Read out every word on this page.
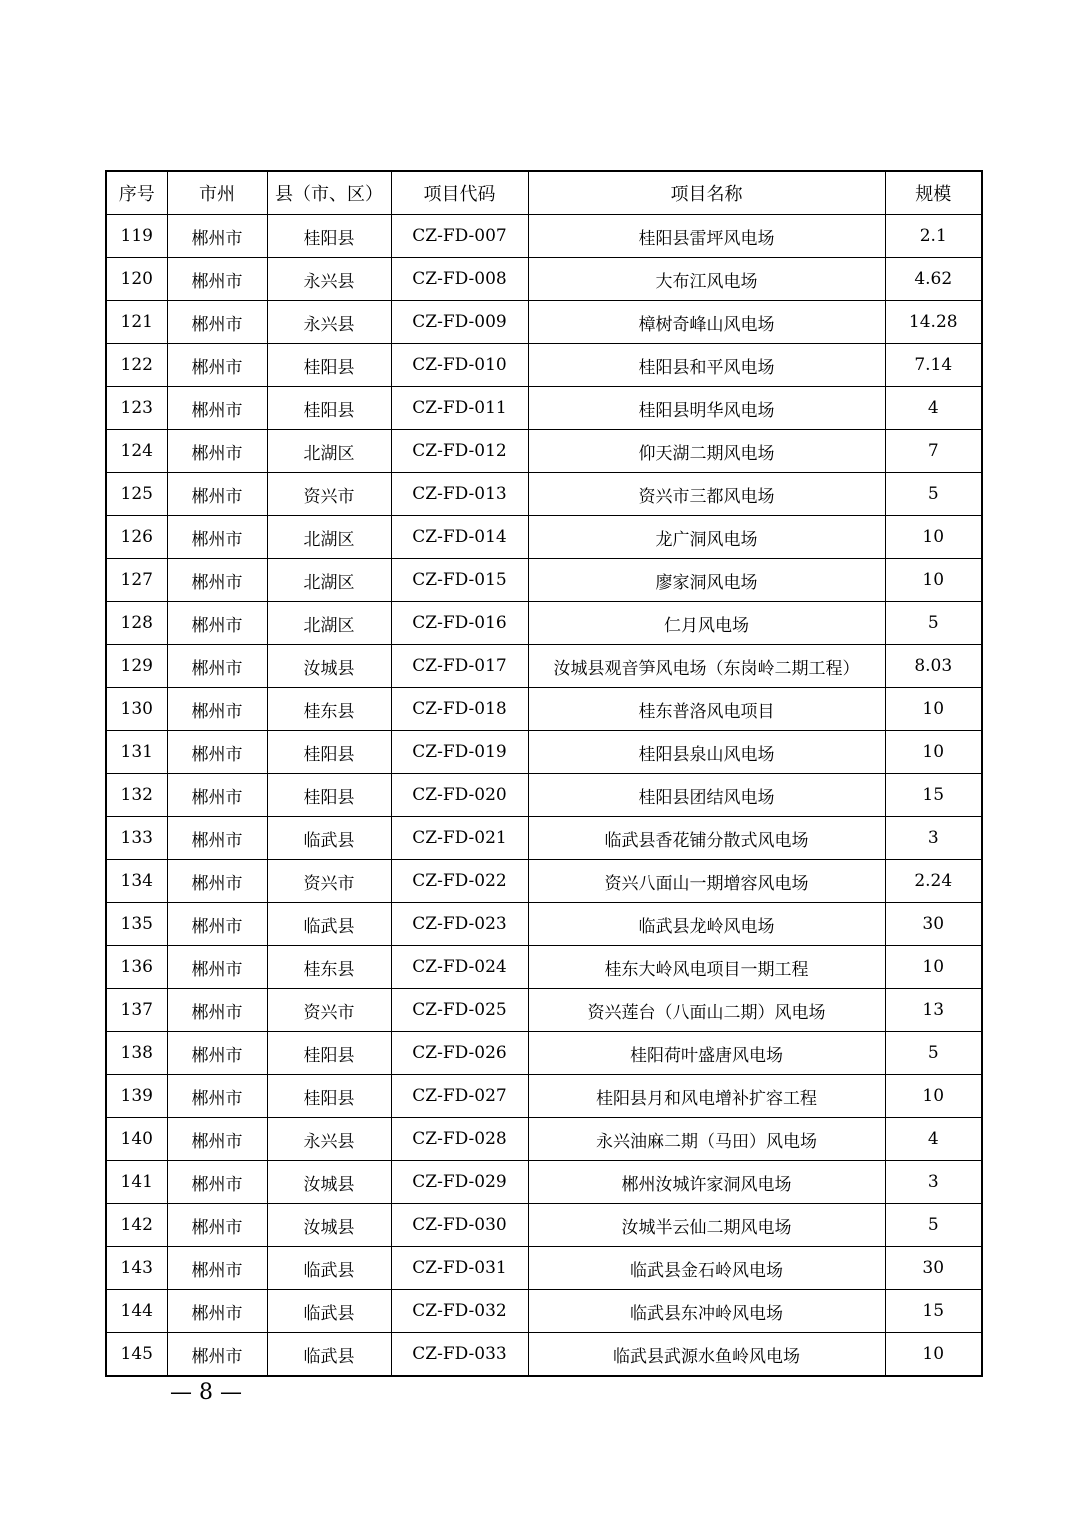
序号	市州	县（市、区）	项目代码	项目名称	规模
119	郴州市	桂阳县	CZ-FD-007	桂阳县雷坪风电场	2.1
120	郴州市	永兴县	CZ-FD-008	大布江风电场	4.62
121	郴州市	永兴县	CZ-FD-009	樟树奇峰山风电场	14.28
122	郴州市	桂阳县	CZ-FD-010	桂阳县和平风电场	7.14
123	郴州市	桂阳县	CZ-FD-011	桂阳县明华风电场	4
124	郴州市	北湖区	CZ-FD-012	仰天湖二期风电场	7
125	郴州市	资兴市	CZ-FD-013	资兴市三都风电场	5
126	郴州市	北湖区	CZ-FD-014	龙广洞风电场	10
127	郴州市	北湖区	CZ-FD-015	廖家洞风电场	10
128	郴州市	北湖区	CZ-FD-016	仁月风电场	5
129	郴州市	汝城县	CZ-FD-017	汝城县观音笋风电场（东岗岭二期工程）	8.03
130	郴州市	桂东县	CZ-FD-018	桂东普洛风电项目	10
131	郴州市	桂阳县	CZ-FD-019	桂阳县泉山风电场	10
132	郴州市	桂阳县	CZ-FD-020	桂阳县团结风电场	15
133	郴州市	临武县	CZ-FD-021	临武县香花铺分散式风电场	3
134	郴州市	资兴市	CZ-FD-022	资兴八面山一期增容风电场	2.24
135	郴州市	临武县	CZ-FD-023	临武县龙岭风电场	30
136	郴州市	桂东县	CZ-FD-024	桂东大岭风电项目一期工程	10
137	郴州市	资兴市	CZ-FD-025	资兴莲台（八面山二期）风电场	13
138	郴州市	桂阳县	CZ-FD-026	桂阳荷叶盛唐风电场	5
139	郴州市	桂阳县	CZ-FD-027	桂阳县月和风电增补扩容工程	10
140	郴州市	永兴县	CZ-FD-028	永兴油麻二期（马田）风电场	4
141	郴州市	汝城县	CZ-FD-029	郴州汝城许家洞风电场	3
142	郴州市	汝城县	CZ-FD-030	汝城半云仙二期风电场	5
143	郴州市	临武县	CZ-FD-031	临武县金石岭风电场	30
144	郴州市	临武县	CZ-FD-032	临武县东冲岭风电场	15
145	郴州市	临武县	CZ-FD-033	临武县武源水鱼岭风电场	10
— 8 —
